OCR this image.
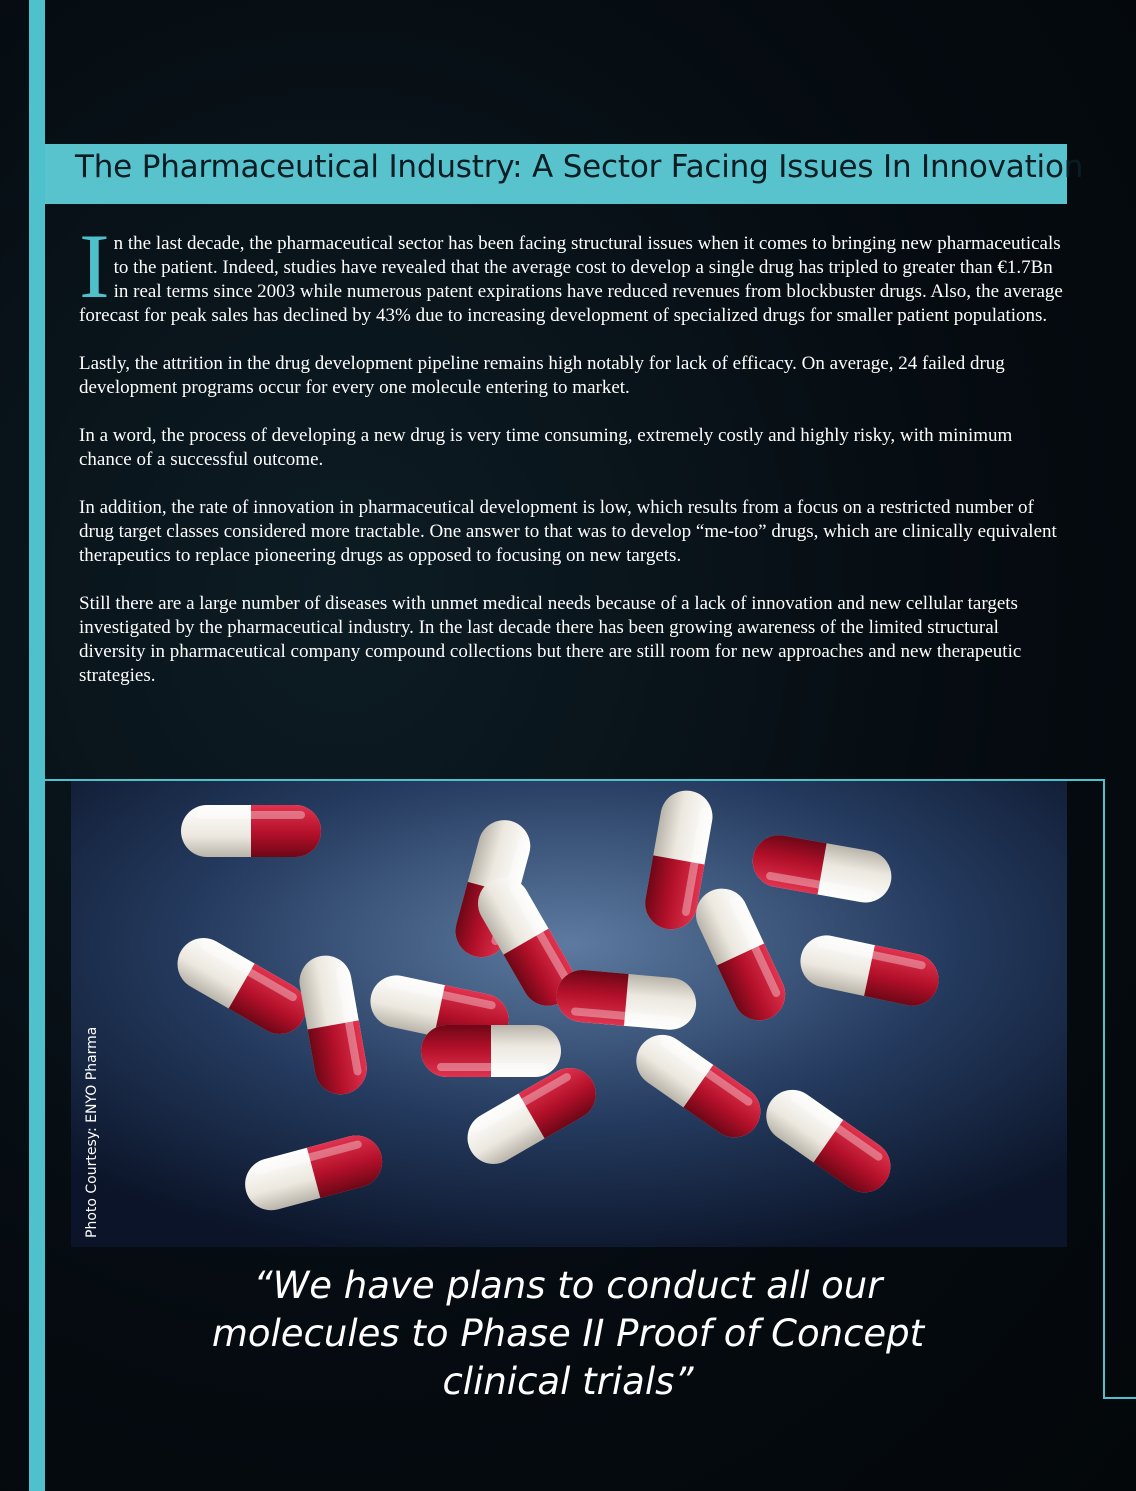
The Pharmaceutical Industry: A Sector Facing Issues In Innovation

In the last decade, the pharmaceutical sector has been facing structural issues when it comes to bringing new pharmaceuticals to the patient. Indeed, studies have revealed that the average cost to develop a single drug has tripled to greater than €1.7Bn in real terms since 2003 while numerous patent expirations have reduced revenues from blockbuster drugs. Also, the average forecast for peak sales has declined by 43% due to increasing development of specialized drugs for smaller patient populations.

Lastly, the attrition in the drug development pipeline remains high notably for lack of efficacy. On average, 24 failed drug development programs occur for every one molecule entering to market.

In a word, the process of developing a new drug is very time consuming, extremely costly and highly risky, with minimum chance of a successful outcome.

In addition, the rate of innovation in pharmaceutical development is low, which results from a focus on a restricted number of drug target classes considered more tractable. One answer to that was to develop “me-too” drugs, which are clinically equivalent therapeutics to replace pioneering drugs as opposed to focusing on new targets.

Still there are a large number of diseases with unmet medical needs because of a lack of innovation and new cellular targets investigated by the pharmaceutical industry. In the last decade there has been growing awareness of the limited structural diversity in pharmaceutical company compound collections but there are still room for new approaches and new therapeutic strategies.

Photo Courtesy: ENYO Pharma
“We have plans to conduct all our
molecules to Phase II Proof of Concept
clinical trials”
